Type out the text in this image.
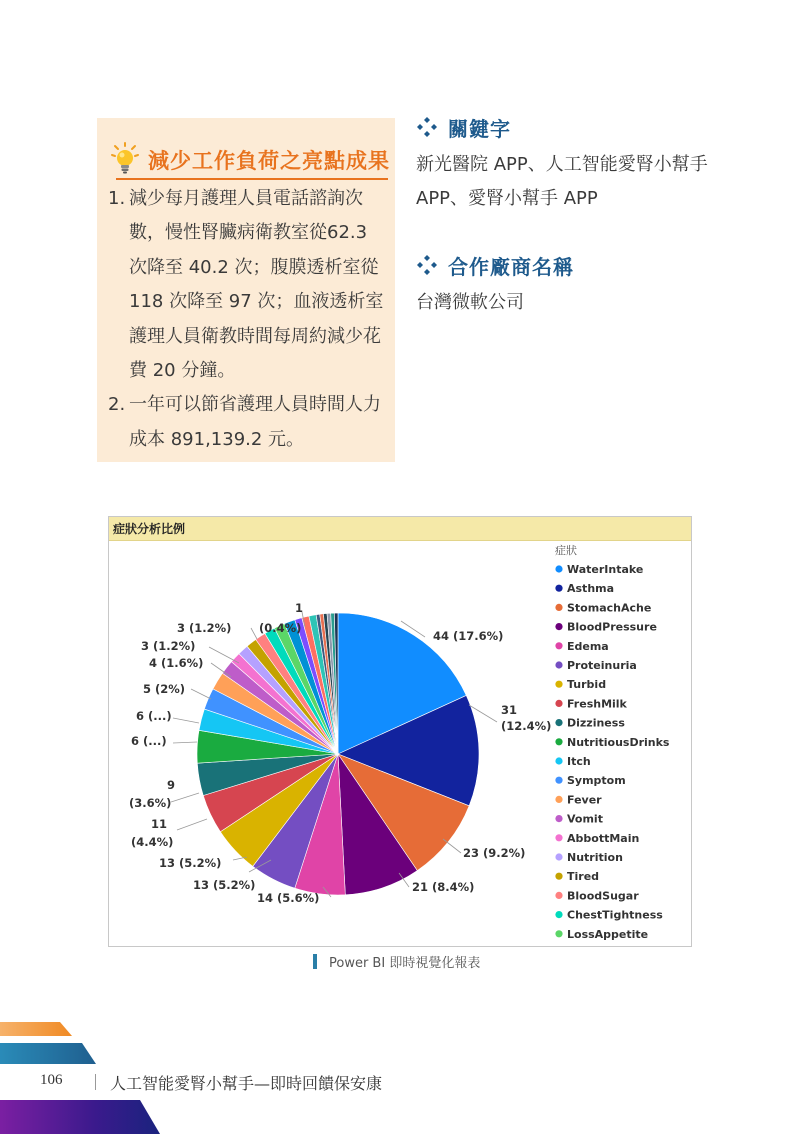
減少工作負荷之亮點成果
1. 減少每月護理人員電話諮詢次數，慢性腎臟病衛教室從62.3 次降至 40.2 次；腹膜透析室從 118 次降至 97 次；血液透析室護理人員衛教時間每周約減少花費 20 分鐘。
2. 一年可以節省護理人員時間人力成本 891,139.2 元。
關鍵字
新光醫院 APP、人工智能愛腎小幫手 APP、愛腎小幫手 APP
合作廠商名稱
台灣微軟公司
症狀分析比例
44 (17.6%)
31
(12.4%)
23 (9.2%)
21 (8.4%)
14 (5.6%)
13 (5.2%)
13 (5.2%)
11
(4.4%)
9
(3.6%)
6 (...)
6 (...)
5 (2%)
4 (1.6%)
3 (1.2%)
3 (1.2%) (0.4%)
1
症狀
WaterIntake
Asthma
StomachAche
BloodPressure
Edema
Proteinuria
Turbid
FreshMilk
Dizziness
NutritiousDrinks
Itch
Symptom
Fever
Vomit
AbbottMain
Nutrition
Tired
BloodSugar
ChestTightness
LossAppetite
Power BI 即時視覺化報表
106	人工智能愛腎小幫手—即時回饋保安康
